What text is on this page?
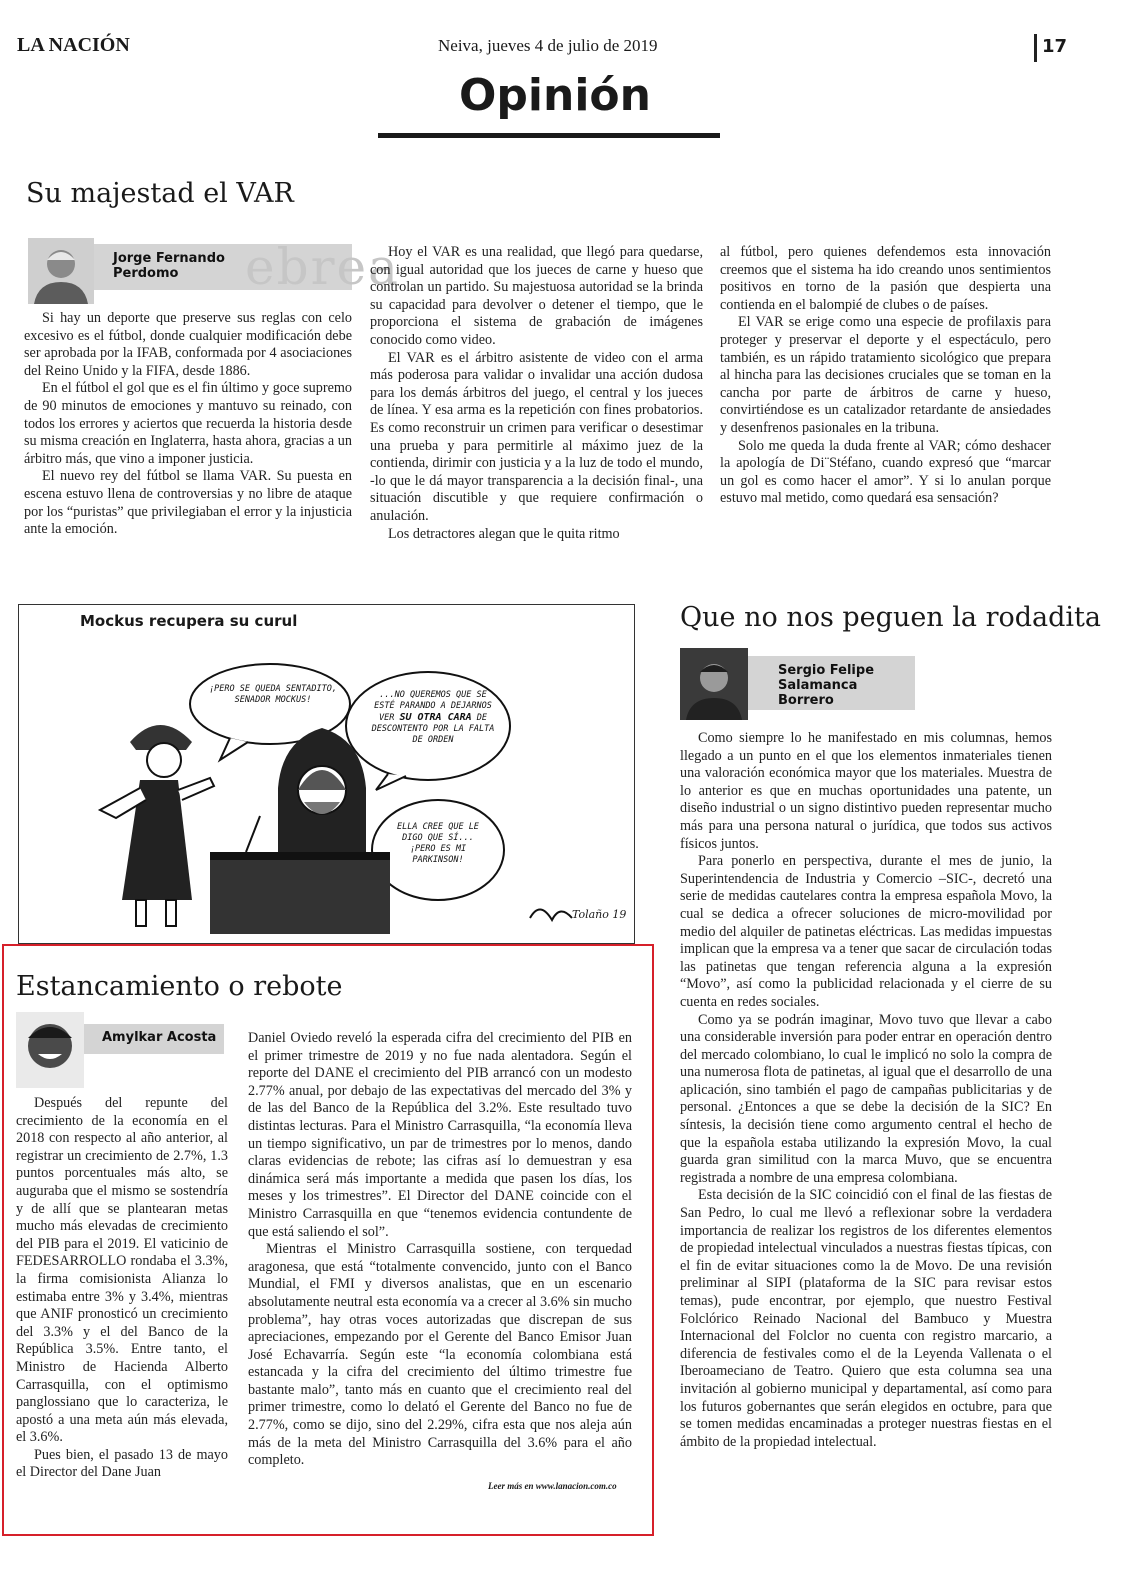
LA NACIÓN	Neiva, jueves 4 de julio de 2019	17
Opinión
Su majestad el VAR
ebrea
Jorge Fernando
Perdomo

Si hay un deporte que preserve sus reglas con celo excesivo es el fútbol, donde cualquier modificación debe ser aprobada por la IFAB, conformada por 4 asociaciones del Reino Unido y la FIFA, desde 1886.

En el fútbol el gol que es el fin último y goce supremo de 90 minutos de emociones y mantuvo su reinado, con todos los errores y aciertos que recuerda la historia desde su misma creación en Inglaterra, hasta ahora, gracias a un árbitro más, que vino a imponer justicia.

El nuevo rey del fútbol se llama VAR. Su puesta en escena estuvo llena de controversias y no libre de ataque por los “puristas” que privilegiaban el error y la injusticia ante la emoción.

Hoy el VAR es una realidad, que llegó para quedarse, con igual autoridad que los jueces de carne y hueso que controlan un partido. Su majestuosa autoridad se la brinda su capacidad para devolver o detener el tiempo, que le proporciona el sistema de grabación de imágenes conocido como video.

El VAR es el árbitro asistente de video con el arma más poderosa para validar o invalidar una acción dudosa para los demás árbitros del juego, el central y los jueces de línea. Y esa arma es la repetición con fines probatorios. Es como reconstruir un crimen para verificar o desestimar una prueba y para permitirle al máximo juez de la contienda, dirimir con justicia y a la luz de todo el mundo, -lo que le dá mayor transparencia a la decisión final-, una situación discutible y que requiere confirmación o anulación.

Los detractores alegan que le quita ritmo

al fútbol, pero quienes defendemos esta innovación creemos que el sistema ha ido creando unos sentimientos positivos en torno de la pasión que despierta una contienda en el balompié de clubes o de países.

El VAR se erige como una especie de profilaxis para proteger y preservar el deporte y el espectáculo, pero también, es un rápido tratamiento sicológico que prepara al hincha para las decisiones cruciales que se toman en la cancha por parte de árbitros de carne y hueso, convirtiéndose es un catalizador retardante de ansiedades y desenfrenos pasionales en la tribuna.

Solo me queda la duda frente al VAR; cómo deshacer la apología de Di¨Stéfano, cuando expresó que “marcar un gol es como hacer el amor”. Y si lo anulan porque estuvo mal metido, como quedará esa sensación?

Mockus recupera su curul
¡PERO SE QUEDA SENTADITO, SENADOR MOCKUS!	...NO QUEREMOS QUE SE ESTÉ PARANDO A DEJARNOS VER SU OTRA CARA DE DESCONTENTO POR LA FALTA DE ORDEN
ELLA CREE QUE LE DIGO QUE SÍ... ¡PERO ES MI PARKINSON!
Tolaño 19
Que no nos peguen la rodadita
Sergio Felipe
Salamanca
Borrero

Como siempre lo he manifestado en mis columnas, hemos llegado a un punto en el que los elementos inmateriales tienen una valoración económica mayor que los materiales. Muestra de lo anterior es que en muchas oportunidades una patente, un diseño industrial o un signo distintivo pueden representar mucho más para una persona natural o jurídica, que todos sus activos físicos juntos.

Para ponerlo en perspectiva, durante el mes de junio, la Superintendencia de Industria y Comercio –SIC-, decretó una serie de medidas cautelares contra la empresa española Movo, la cual se dedica a ofrecer soluciones de micro-movilidad por medio del alquiler de patinetas eléctricas. Las medidas impuestas implican que la empresa va a tener que sacar de circulación todas las patinetas que tengan referencia alguna a la expresión “Movo”, así como la publicidad relacionada y el cierre de su cuenta en redes sociales.

Como ya se podrán imaginar, Movo tuvo que llevar a cabo una considerable inversión para poder entrar en operación dentro del mercado colombiano, lo cual le implicó no solo la compra de una numerosa flota de patinetas, al igual que el desarrollo de una aplicación, sino también el pago de campañas publicitarias y de personal. ¿Entonces a que se debe la decisión de la SIC? En síntesis, la decisión tiene como argumento central el hecho de que la española estaba utilizando la expresión Movo, la cual guarda gran similitud con la marca Muvo, que se encuentra registrada a nombre de una empresa colombiana.

Esta decisión de la SIC coincidió con el final de las fiestas de San Pedro, lo cual me llevó a reflexionar sobre la verdadera importancia de realizar los registros de los diferentes elementos de propiedad intelectual vinculados a nuestras fiestas típicas, con el fin de evitar situaciones como la de Movo. De una revisión preliminar al SIPI (plataforma de la SIC para revisar estos temas), pude encontrar, por ejemplo, que nuestro Festival Folclórico Reinado Nacional del Bambuco y Muestra Internacional del Folclor no cuenta con registro marcario, a diferencia de festivales como el de la Leyenda Vallenata o el Iberoameciano de Teatro. Quiero que esta columna sea una invitación al gobierno municipal y departamental, así como para los futuros gobernantes que serán elegidos en octubre, para que se tomen medidas encaminadas a proteger nuestras fiestas en el ámbito de la propiedad intelectual.

Estancamiento o rebote
Amylkar Acosta

Después del repunte del crecimiento de la economía en el 2018 con respecto al año anterior, al registrar un crecimiento de 2.7%, 1.3 puntos porcentuales más alto, se auguraba que el mismo se sostendría y de allí que se plantearan metas mucho más elevadas de crecimiento del PIB para el 2019. El vaticinio de FEDESARROLLO rondaba el 3.3%, la firma comisionista Alianza lo estimaba entre 3% y 3.4%, mientras que ANIF pronosticó un crecimiento del 3.3% y el del Banco de la República 3.5%. Entre tanto, el Ministro de Hacienda Alberto Carrasquilla, con el optimismo panglossiano que lo caracteriza, le apostó a una meta aún más elevada, el 3.6%.

Pues bien, el pasado 13 de mayo el Director del Dane Juan

Daniel Oviedo reveló la esperada cifra del crecimiento del PIB en el primer trimestre de 2019 y no fue nada alentadora. Según el reporte del DANE el crecimiento del PIB arrancó con un modesto 2.77% anual, por debajo de las expectativas del mercado del 3% y de las del Banco de la República del 3.2%. Este resultado tuvo distintas lecturas. Para el Ministro Carrasquilla, “la economía lleva un tiempo significativo, un par de trimestres por lo menos, dando claras evidencias de rebote; las cifras así lo demuestran y esa dinámica será más importante a medida que pasen los días, los meses y los trimestres”. El Director del DANE coincide con el Ministro Carrasquilla en que “tenemos evidencia contundente de que está saliendo el sol”.

Mientras el Ministro Carrasquilla sostiene, con terquedad aragonesa, que está “totalmente convencido, junto con el Banco Mundial, el FMI y diversos analistas, que en un escenario absolutamente neutral esta economía va a crecer al 3.6% sin mucho problema”, hay otras voces autorizadas que discrepan de sus apreciaciones, empezando por el Gerente del Banco Emisor Juan José Echavarría. Según este “la economía colombiana está estancada y la cifra del crecimiento del último trimestre fue bastante malo”, tanto más en cuanto que el crecimiento real del primer trimestre, como lo delató el Gerente del Banco no fue de 2.77%, como se dijo, sino del 2.29%, cifra esta que nos aleja aún más de la meta del Ministro Carrasquilla del 3.6% para el año completo.

Leer más en www.lanacion.com.co
